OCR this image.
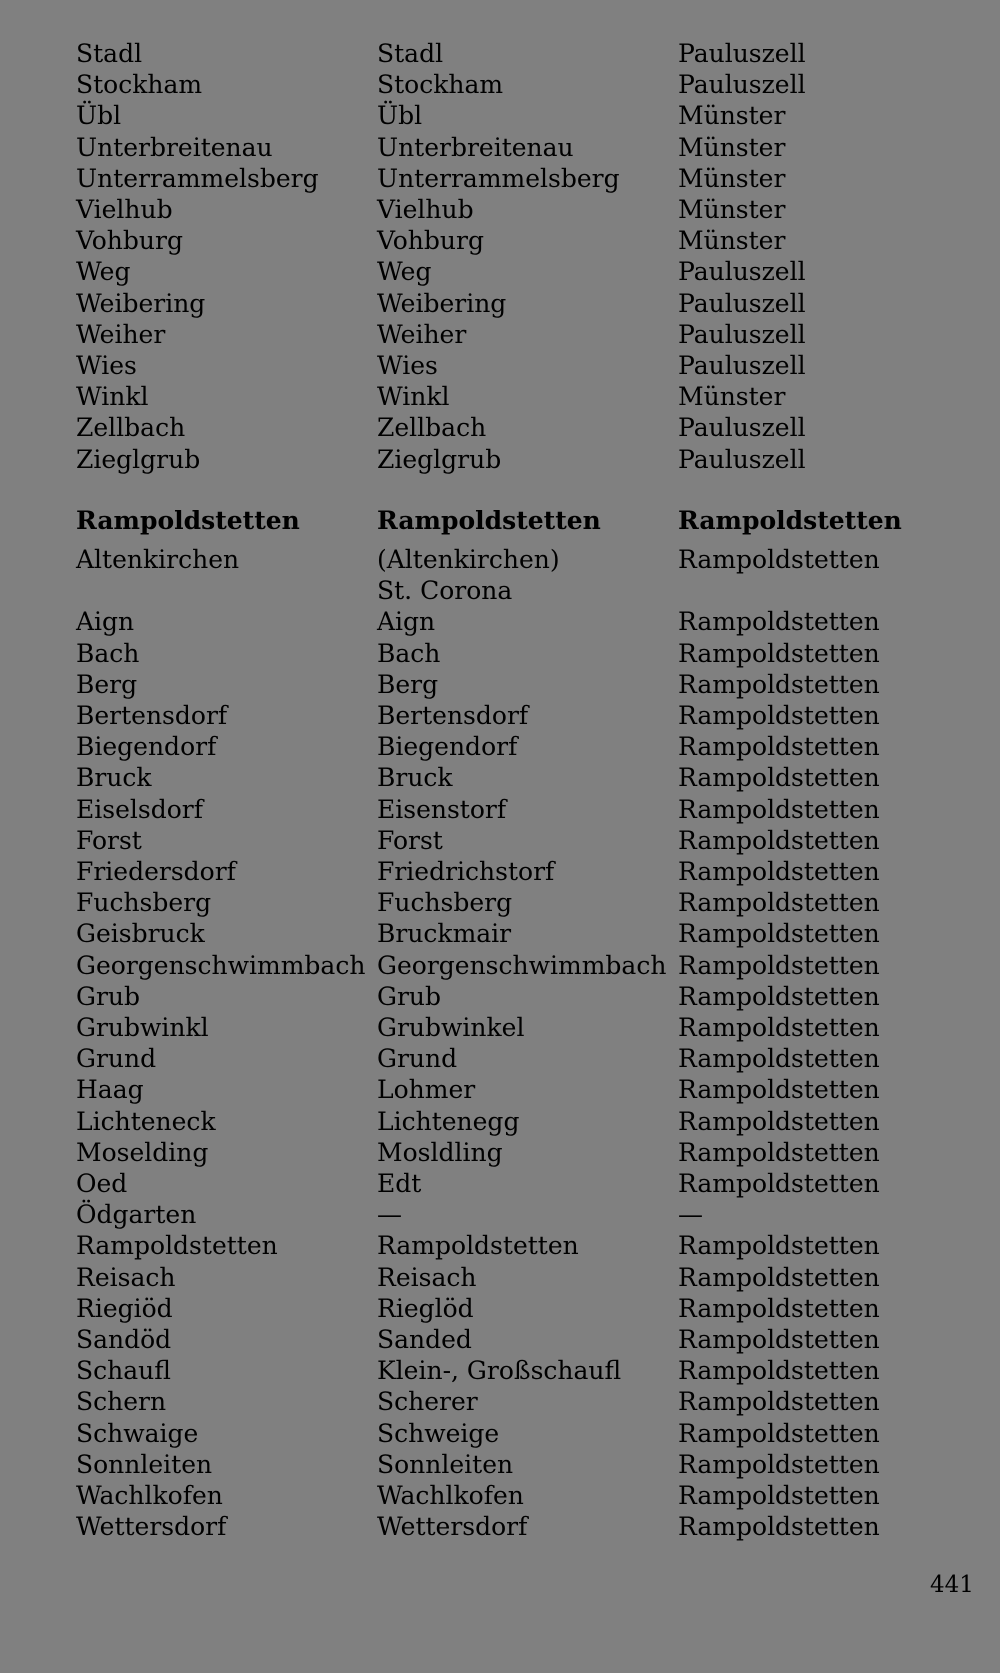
Stadl	Stadl	Pauluszell
Stockham	Stockham	Pauluszell
Übl	Übl	Münster
Unterbreitenau	Unterbreitenau	Münster
Unterrammelsberg Unterrammelsberg Münster
Vielhub	Vielhub	Münster
Vohburg	Vohburg	Münster
Weg	Weg	Pauluszell
Weibering	Weibering	Pauluszell
Weiher	Weiher	Pauluszell
Wies	Wies	Pauluszell
Winkl	Winkl	Münster
Zellbach	Zellbach	Pauluszell
Zieglgrub	Zieglgrub	Pauluszell
Rampoldstetten	Rampoldstetten	Rampoldstetten
Altenkirchen	(Altenkirchen)	Rampoldstetten
St. Corona
Aign	Aign	Rampoldstetten
Bach	Bach	Rampoldstetten
Berg	Berg	Rampoldstetten
Bertensdorf	Bertensdorf	Rampoldstetten
Biegendorf	Biegendorf	Rampoldstetten
Bruck	Bruck	Rampoldstetten
Eiselsdorf	Eisenstorf	Rampoldstetten
Forst	Forst	Rampoldstetten
Friedersdorf	Friedrichstorf	Rampoldstetten
Fuchsberg	Fuchsberg	Rampoldstetten
Geisbruck	Bruckmair	Rampoldstetten
Georgenschwimmbach Georgenschwimmbach Rampoldstetten
Grub	Grub	Rampoldstetten
Grubwinkl	Grubwinkel	Rampoldstetten
Grund	Grund	Rampoldstetten
Haag	Lohmer	Rampoldstetten
Lichteneck	Lichtenegg	Rampoldstetten
Moselding	Mosldling	Rampoldstetten
Oed	Edt	Rampoldstetten
Ödgarten	—	—
Rampoldstetten	Rampoldstetten	Rampoldstetten
Reisach	Reisach	Rampoldstetten
Riegiöd	Rieglöd	Rampoldstetten
Sandöd	Sanded	Rampoldstetten
Schaufl	Klein-, Großschaufl Rampoldstetten
Schern	Scherer	Rampoldstetten
Schwaige	Schweige	Rampoldstetten
Sonnleiten	Sonnleiten	Rampoldstetten
Wachlkofen	Wachlkofen	Rampoldstetten
Wettersdorf	Wettersdorf	Rampoldstetten
441
